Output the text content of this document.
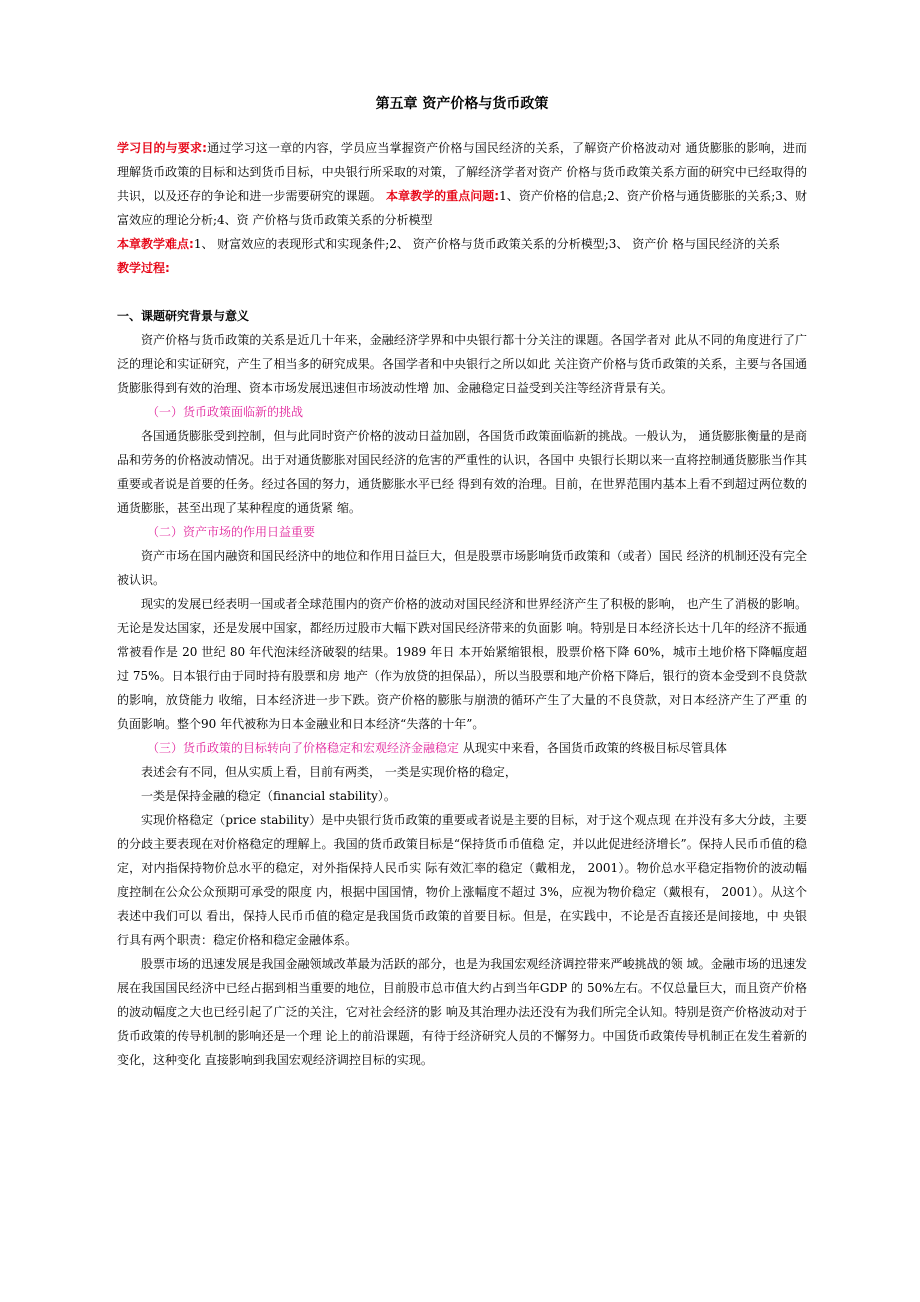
第五章 资产价格与货币政策

学习目的与要求:通过学习这一章的内容，学员应当掌握资产价格与国民经济的关系，了解资产价格波动对 通货膨胀的影响，进而理解货币政策的目标和达到货币目标，中央银行所采取的对策，了解经济学者对资产 价格与货币政策关系方面的研究中已经取得的共识，以及还存的争论和进一步需要研究的课题。 本章教学的重点问题:1、资产价格的信息;2、资产价格与通货膨胀的关系;3、财富效应的理论分析;4、资 产价格与货币政策关系的分析模型

本章教学难点:1、 财富效应的表现形式和实现条件;2、 资产价格与货币政策关系的分析模型;3、 资产价 格与国民经济的关系

教学过程:

一、课题研究背景与意义

资产价格与货币政策的关系是近几十年来，金融经济学界和中央银行都十分关注的课题。各国学者对 此从不同的角度进行了广泛的理论和实证研究，产生了相当多的研究成果。各国学者和中央银行之所以如此 关注资产价格与货币政策的关系，主要与各国通货膨胀得到有效的治理、资本市场发展迅速但市场波动性增 加、金融稳定日益受到关注等经济背景有关。

（一）货币政策面临新的挑战

各国通货膨胀受到控制，但与此同时资产价格的波动日益加剧，各国货币政策面临新的挑战。一般认为， 通货膨胀衡量的是商品和劳务的价格波动情况。出于对通货膨胀对国民经济的危害的严重性的认识，各国中 央银行长期以来一直将控制通货膨胀当作其重要或者说是首要的任务。经过各国的努力，通货膨胀水平已经 得到有效的治理。目前，在世界范围内基本上看不到超过两位数的通货膨胀，甚至出现了某种程度的通货紧 缩。

（二）资产市场的作用日益重要

资产市场在国内融资和国民经济中的地位和作用日益巨大，但是股票市场影响货币政策和（或者）国民 经济的机制还没有完全被认识。

现实的发展已经表明一国或者全球范围内的资产价格的波动对国民经济和世界经济产生了积极的影响， 也产生了消极的影响。无论是发达国家，还是发展中国家，都经历过股市大幅下跌对国民经济带来的负面影 响。特别是日本经济长达十几年的经济不振通常被看作是 20 世纪 80 年代泡沫经济破裂的结果。1989 年日 本开始紧缩银根，股票价格下降 60%，城市土地价格下降幅度超过 75%。日本银行由于同时持有股票和房 地产（作为放贷的担保品），所以当股票和地产价格下降后，银行的资本金受到不良贷款的影响，放贷能力 收缩，日本经济进一步下跌。资产价格的膨胀与崩溃的循环产生了大量的不良贷款，对日本经济产生了严重 的负面影响。整个90 年代被称为日本金融业和日本经济“失落的十年”。

（三）货币政策的目标转向了价格稳定和宏观经济金融稳定 从现实中来看，各国货币政策的终极目标尽管具体

表述会有不同，但从实质上看，目前有两类， 一类是实现价格的稳定，

一类是保持金融的稳定（financial stability）。

实现价格稳定（price stability）是中央银行货币政策的重要或者说是主要的目标，对于这个观点现 在并没有多大分歧，主要的分歧主要表现在对价格稳定的理解上。我国的货币政策目标是“保持货币币值稳 定，并以此促进经济增长”。保持人民币币值的稳定，对内指保持物价总水平的稳定，对外指保持人民币实 际有效汇率的稳定（戴相龙， 2001）。物价总水平稳定指物价的波动幅度控制在公众公众预期可承受的限度 内，根据中国国情，物价上涨幅度不超过 3%，应视为物价稳定（戴根有， 2001）。从这个表述中我们可以 看出，保持人民币币值的稳定是我国货币政策的首要目标。但是，在实践中，不论是否直接还是间接地，中 央银行具有两个职责：稳定价格和稳定金融体系。

股票市场的迅速发展是我国金融领域改革最为活跃的部分，也是为我国宏观经济调控带来严峻挑战的领 域。金融市场的迅速发展在我国国民经济中已经占据到相当重要的地位，目前股市总市值大约占到当年GDP 的 50%左右。不仅总量巨大，而且资产价格的波动幅度之大也已经引起了广泛的关注，它对社会经济的影 响及其治理办法还没有为我们所完全认知。特别是资产价格波动对于货币政策的传导机制的影响还是一个理 论上的前沿课题，有待于经济研究人员的不懈努力。中国货币政策传导机制正在发生着新的变化，这种变化 直接影响到我国宏观经济调控目标的实现。
